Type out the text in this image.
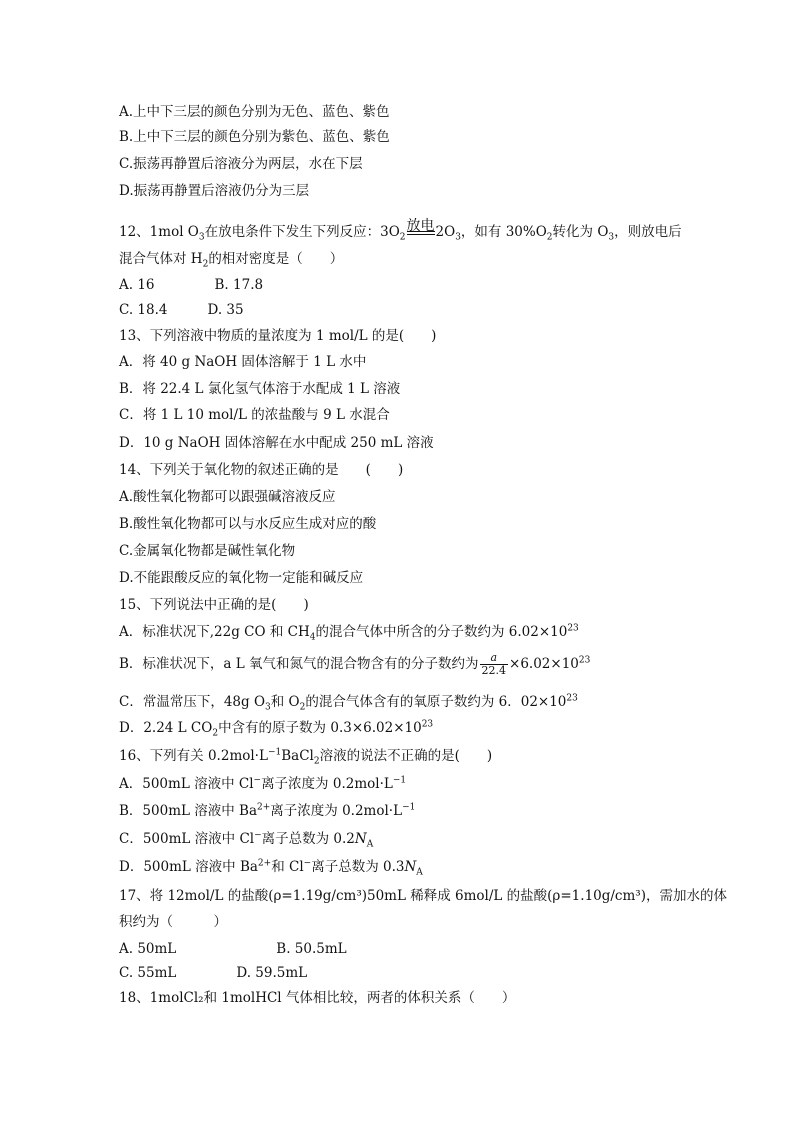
A.上中下三层的颜色分别为无色、蓝色、紫色
B.上中下三层的颜色分别为紫色、蓝色、紫色
C.振荡再静置后溶液分为两层，水在下层
D.振荡再静置后溶液仍分为三层
12、1mol $O_3$在放电条件下发生下列反应：$3O_2$
放电 $2O_3$，如有 $30\%O_2$转化为 $O_3$，则放电后
混合气体对 $H_2$的相对密度是（　　）
A. 16	B. 17.8
C. 18.4	D. 35
13、下列溶液中物质的量浓度为 1 mol/L 的是(　　)
A．将 40 g NaOH 固体溶解于 1 L 水中
B．将 22.4 L 氯化氢气体溶于水配成 1 L 溶液
C．将 1 L 10 mol/L 的浓盐酸与 9 L 水混合
D．10 g NaOH 固体溶解在水中配成 250 mL 溶液
14、下列关于氧化物的叙述正确的是　　(　　)
A.酸性氧化物都可以跟强碱溶液反应
B.酸性氧化物都可以与水反应生成对应的酸
C.金属氧化物都是碱性氧化物
D.不能跟酸反应的氧化物一定能和碱反应
15、下列说法中正确的是(　　)
A．标准状况下,22g CO 和 $CH_4$的混合气体中所含的分子数约为 $6.02\times 10^{23}$
B．标准状况下，a L 氧气和氮气的混合物含有的分子数约为 $\frac{a}{22.4} \times 6.02\times 10^{23}$
C．常温常压下，48g $O_3$和 $O_2$的混合气体含有的氧原子数约为 6．$02\times 10^{23}$
D．2.24 L $CO_2$中含有的原子数为 $0.3\times 6.02\times 10^{23}$
16、下列有关 $0.2mol\cdot L^{-1}BaCl_2$溶液的说法不正确的是(　　)
A．500mL 溶液中 Cl−离子浓度为 $0.2mol\cdot L^{-1}$
B．500mL 溶液中 $Ba^{2+}$离子浓度为 $0.2mol\cdot L^{-1}$
C．500mL 溶液中 Cl−离子总数为 $0.2N_A$
D．500mL 溶液中 $Ba^{2+}$和 Cl−离子总数为 $0.3N_A$
17、将 12mol/L 的盐酸(ρ=1.19g/cm³)50mL 稀释成 6mol/L 的盐酸(ρ=1.10g/cm³)，需加水的体
积约为（　　　）
A. 50mL	B. 50.5mL
C. 55mL	D. 59.5mL
18、1molCl₂和 1molHCl 气体相比较，两者的体积关系（　　）
